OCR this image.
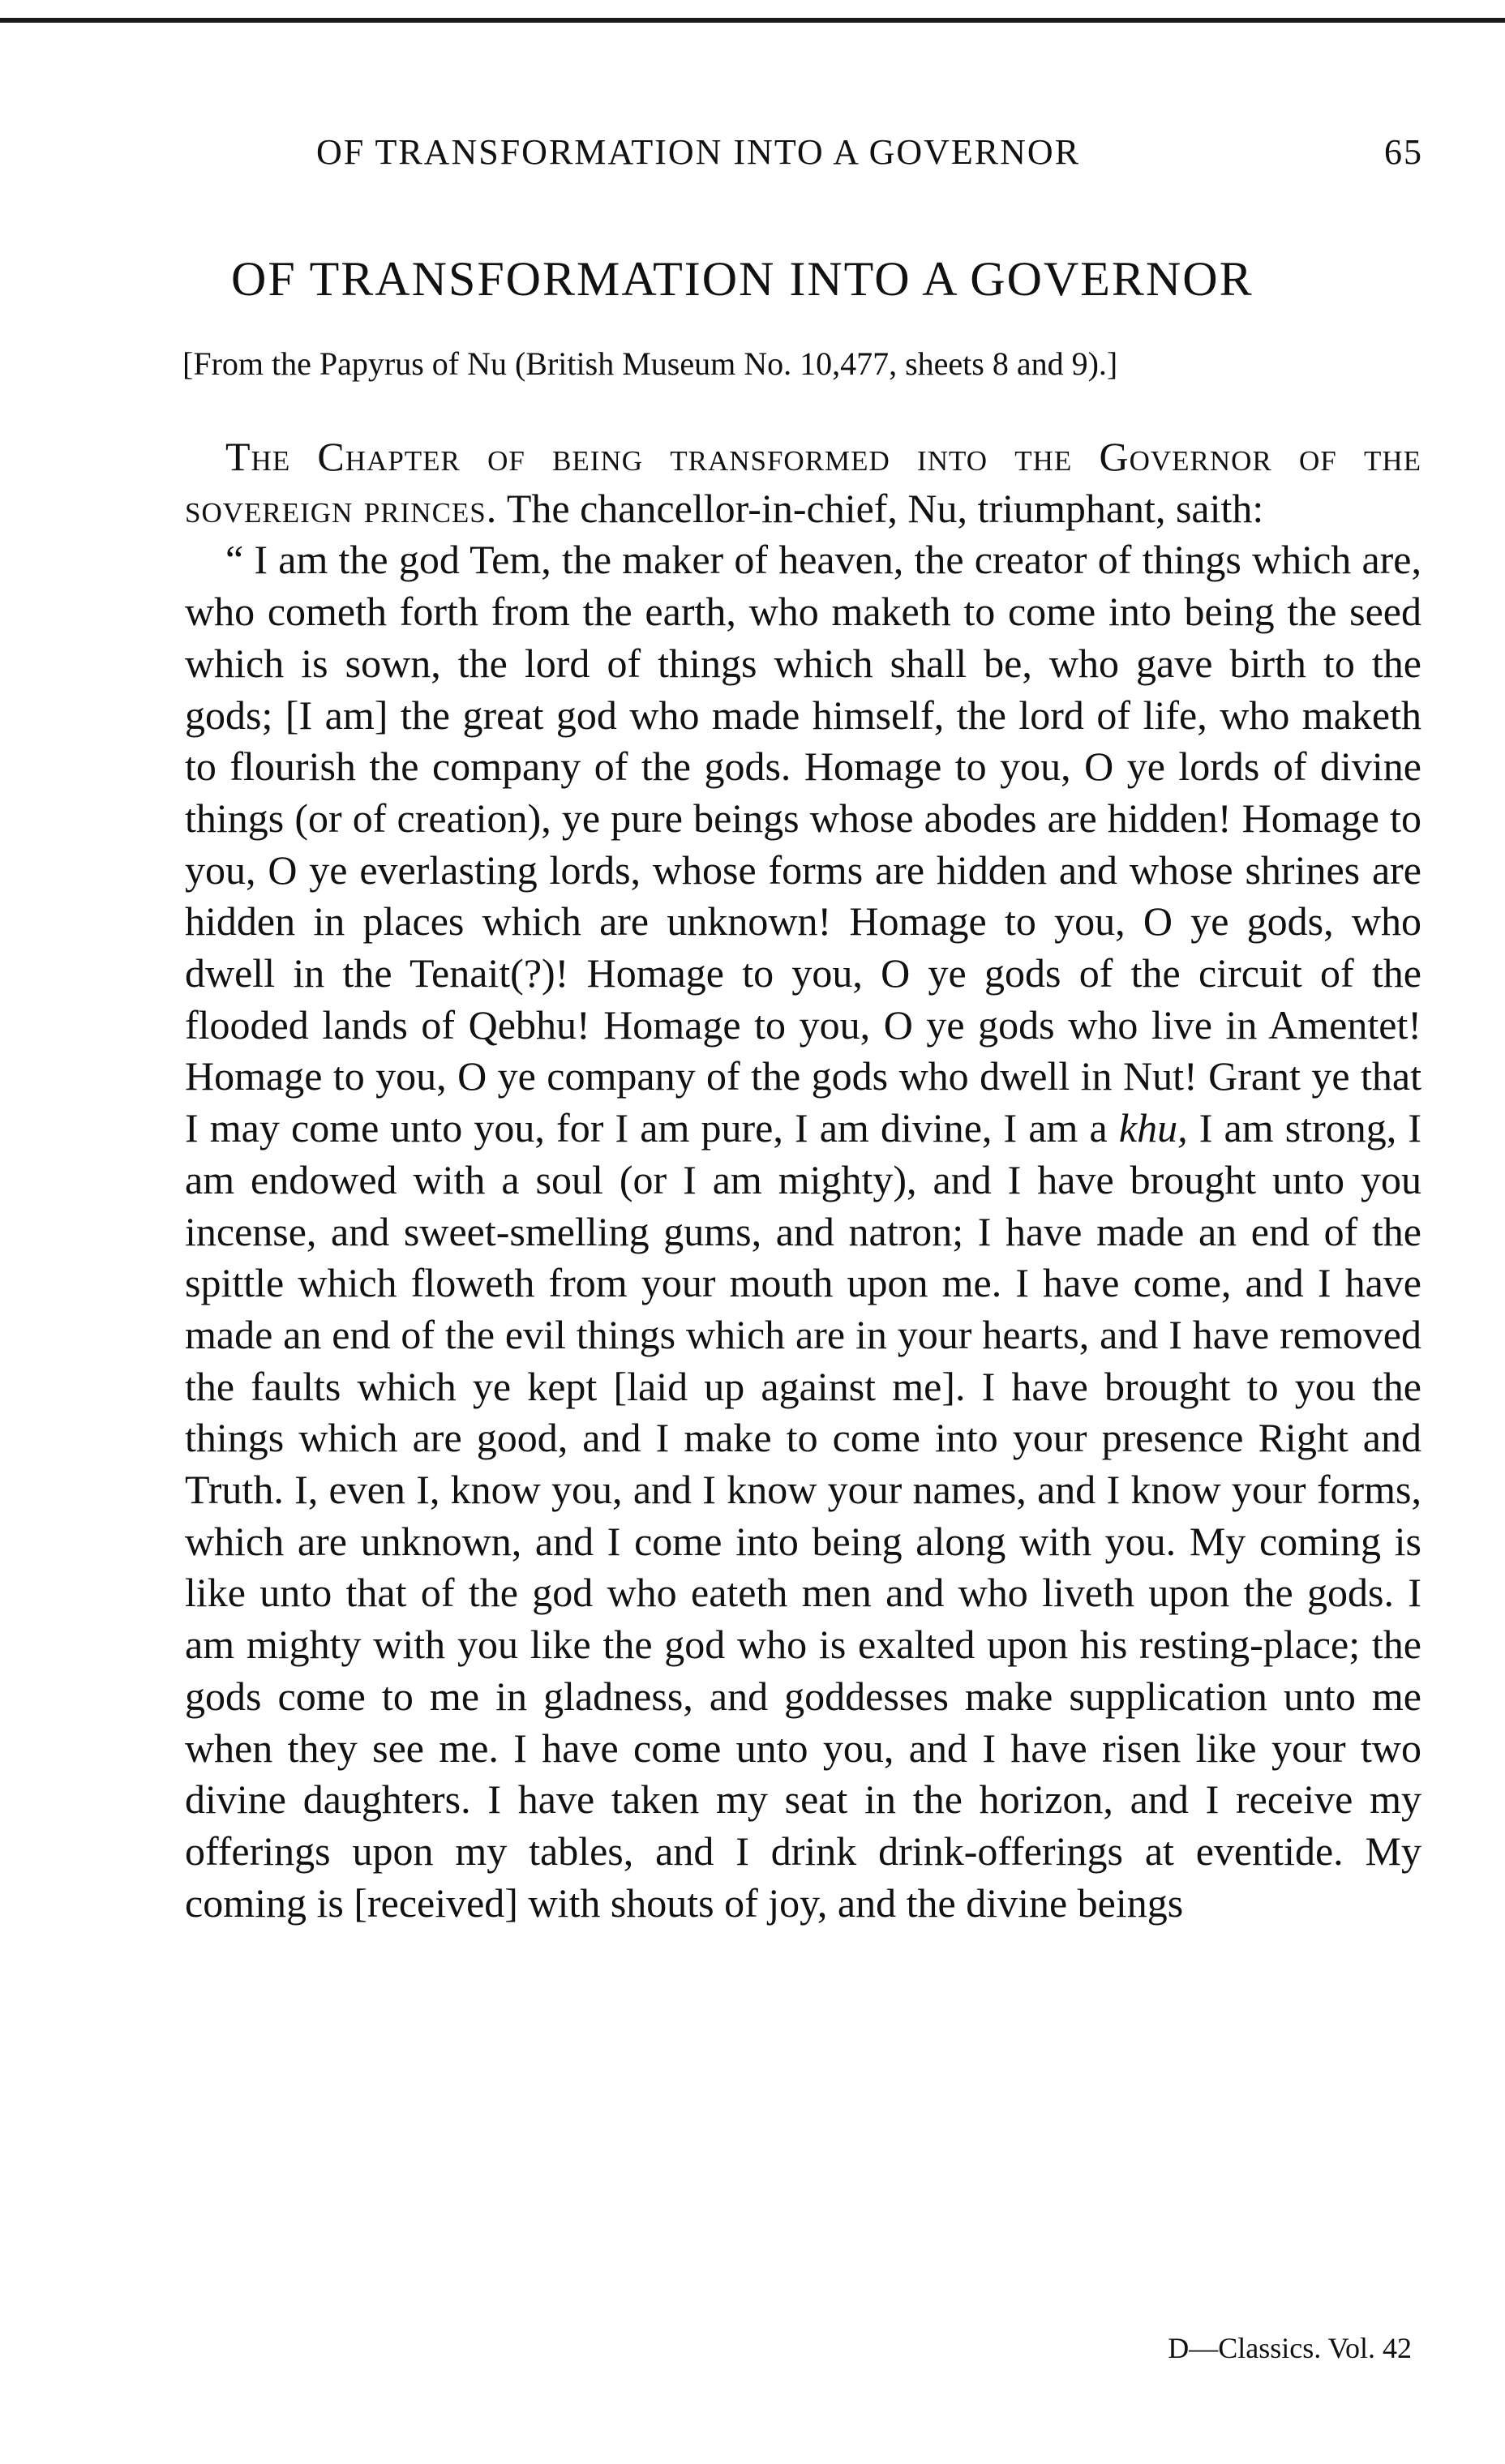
OF TRANSFORMATION INTO A GOVERNOR	65
OF TRANSFORMATION INTO A GOVERNOR
[From the Papyrus of Nu (British Museum No. 10,477, sheets 8 and 9).]

The Chapter of being transformed into the Governor of the sovereign princes. The chancellor-in-chief, Nu, triumphant, saith:

“ I am the god Tem, the maker of heaven, the creator of things which are, who cometh forth from the earth, who maketh to come into being the seed which is sown, the lord of things which shall be, who gave birth to the gods; [I am] the great god who made himself, the lord of life, who maketh to flourish the company of the gods. Homage to you, O ye lords of divine things (or of creation), ye pure beings whose abodes are hidden! Homage to you, O ye everlasting lords, whose forms are hidden and whose shrines are hidden in places which are unknown! Homage to you, O ye gods, who dwell in the Tenait(?)! Homage to you, O ye gods of the circuit of the flooded lands of Qebhu! Homage to you, O ye gods who live in Amentet! Homage to you, O ye company of the gods who dwell in Nut! Grant ye that I may come unto you, for I am pure, I am divine, I am a khu, I am strong, I am endowed with a soul (or I am mighty), and I have brought unto you incense, and sweet-smelling gums, and natron; I have made an end of the spittle which floweth from your mouth upon me. I have come, and I have made an end of the evil things which are in your hearts, and I have removed the faults which ye kept [laid up against me]. I have brought to you the things which are good, and I make to come into your presence Right and Truth. I, even I, know you, and I know your names, and I know your forms, which are unknown, and I come into being along with you. My coming is like unto that of the god who eateth men and who liveth upon the gods. I am mighty with you like the god who is exalted upon his resting-place; the gods come to me in gladness, and goddesses make supplication unto me when they see me. I have come unto you, and I have risen like your two divine daughters. I have taken my seat in the horizon, and I receive my offerings upon my tables, and I drink drink-offerings at eventide. My coming is [received] with shouts of joy, and the divine beings

D—Classics. Vol. 42
